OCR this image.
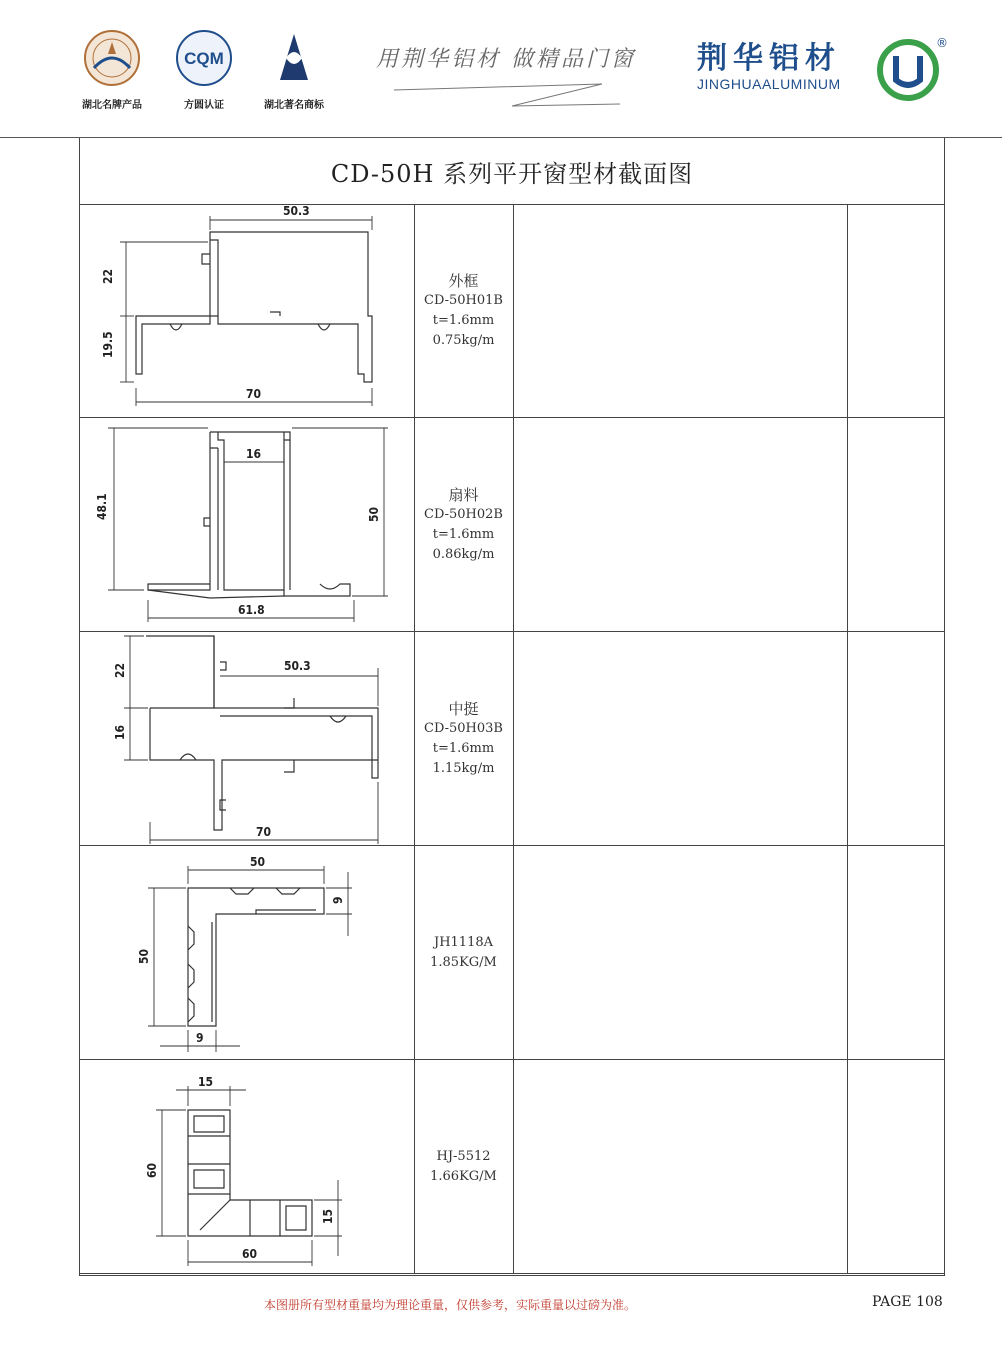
湖北名牌产品
CQM
方圆认证	湖北著名商标
用荆华铝材 做精品门窗 荆华铝材
JINGHUAALUMINUM
®
CD-50H 系列平开窗型材截面图
50.3
22
19.5
70
外框
CD-50H01B
t=1.6mm
0.75kg/m
16
48.1	50
61.8
扇料
CD-50H02B
t=1.6mm
0.86kg/m
50.3
22
16
70
中挺
CD-50H03B
t=1.6mm
1.15kg/m
50
9
50
9
JH1118A
1.85KG/M
15
60
15
60
HJ-5512
1.66KG/M
本图册所有型材重量均为理论重量，仅供参考，实际重量以过磅为准。	PAGE 108
